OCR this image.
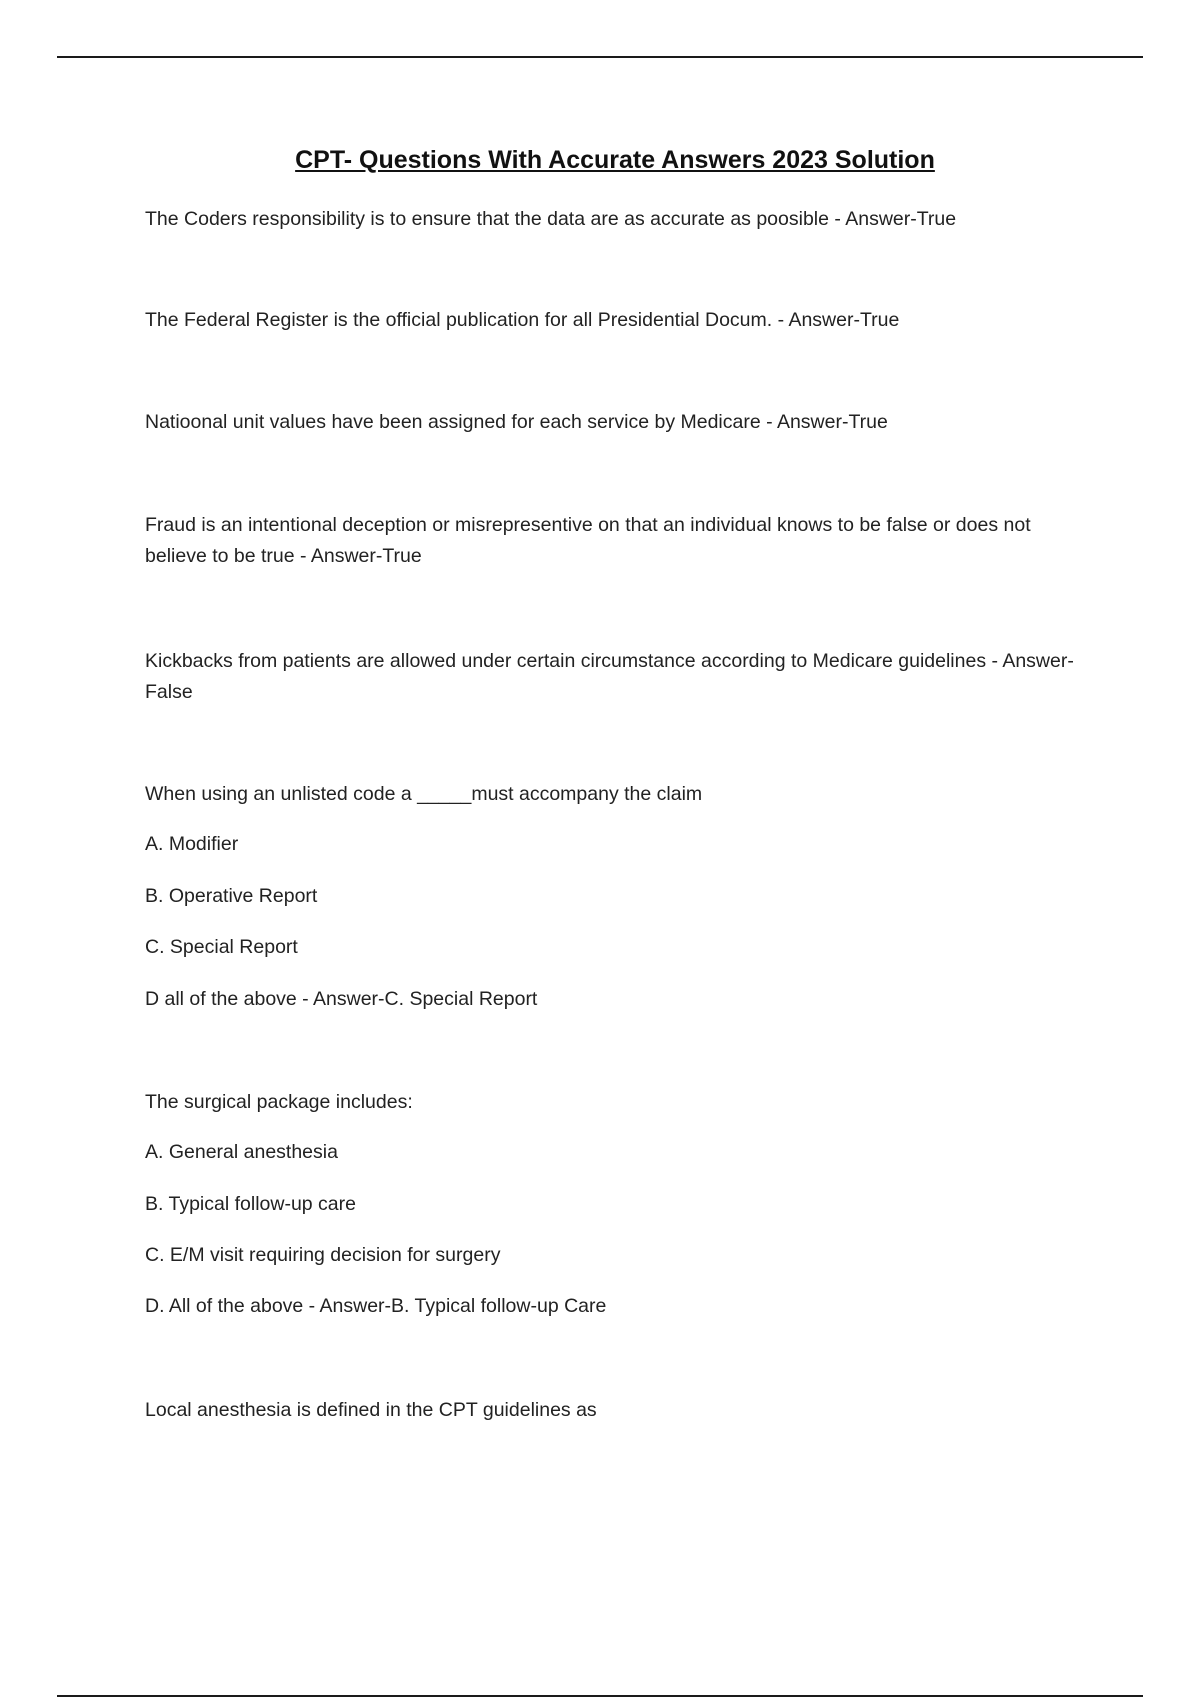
CPT- Questions With Accurate Answers 2023 Solution

The Coders responsibility is to ensure that the data are as accurate as poosible - Answer-True

The Federal Register is the official publication for all Presidential Docum. - Answer-True

Natioonal unit values have been assigned for each service by Medicare - Answer-True

Fraud is an intentional deception or misrepresentive on that an individual knows to be false or does not believe to be true - Answer-True

Kickbacks from patients are allowed under certain circumstance according to Medicare guidelines - Answer-False

When using an unlisted code a _____must accompany the claim

A. Modifier

B. Operative Report

C. Special Report

D all of the above - Answer-C. Special Report

The surgical package includes:

A. General anesthesia

B. Typical follow-up care

C. E/M visit requiring decision for surgery

D. All of the above - Answer-B. Typical follow-up Care

Local anesthesia is defined in the CPT guidelines as
